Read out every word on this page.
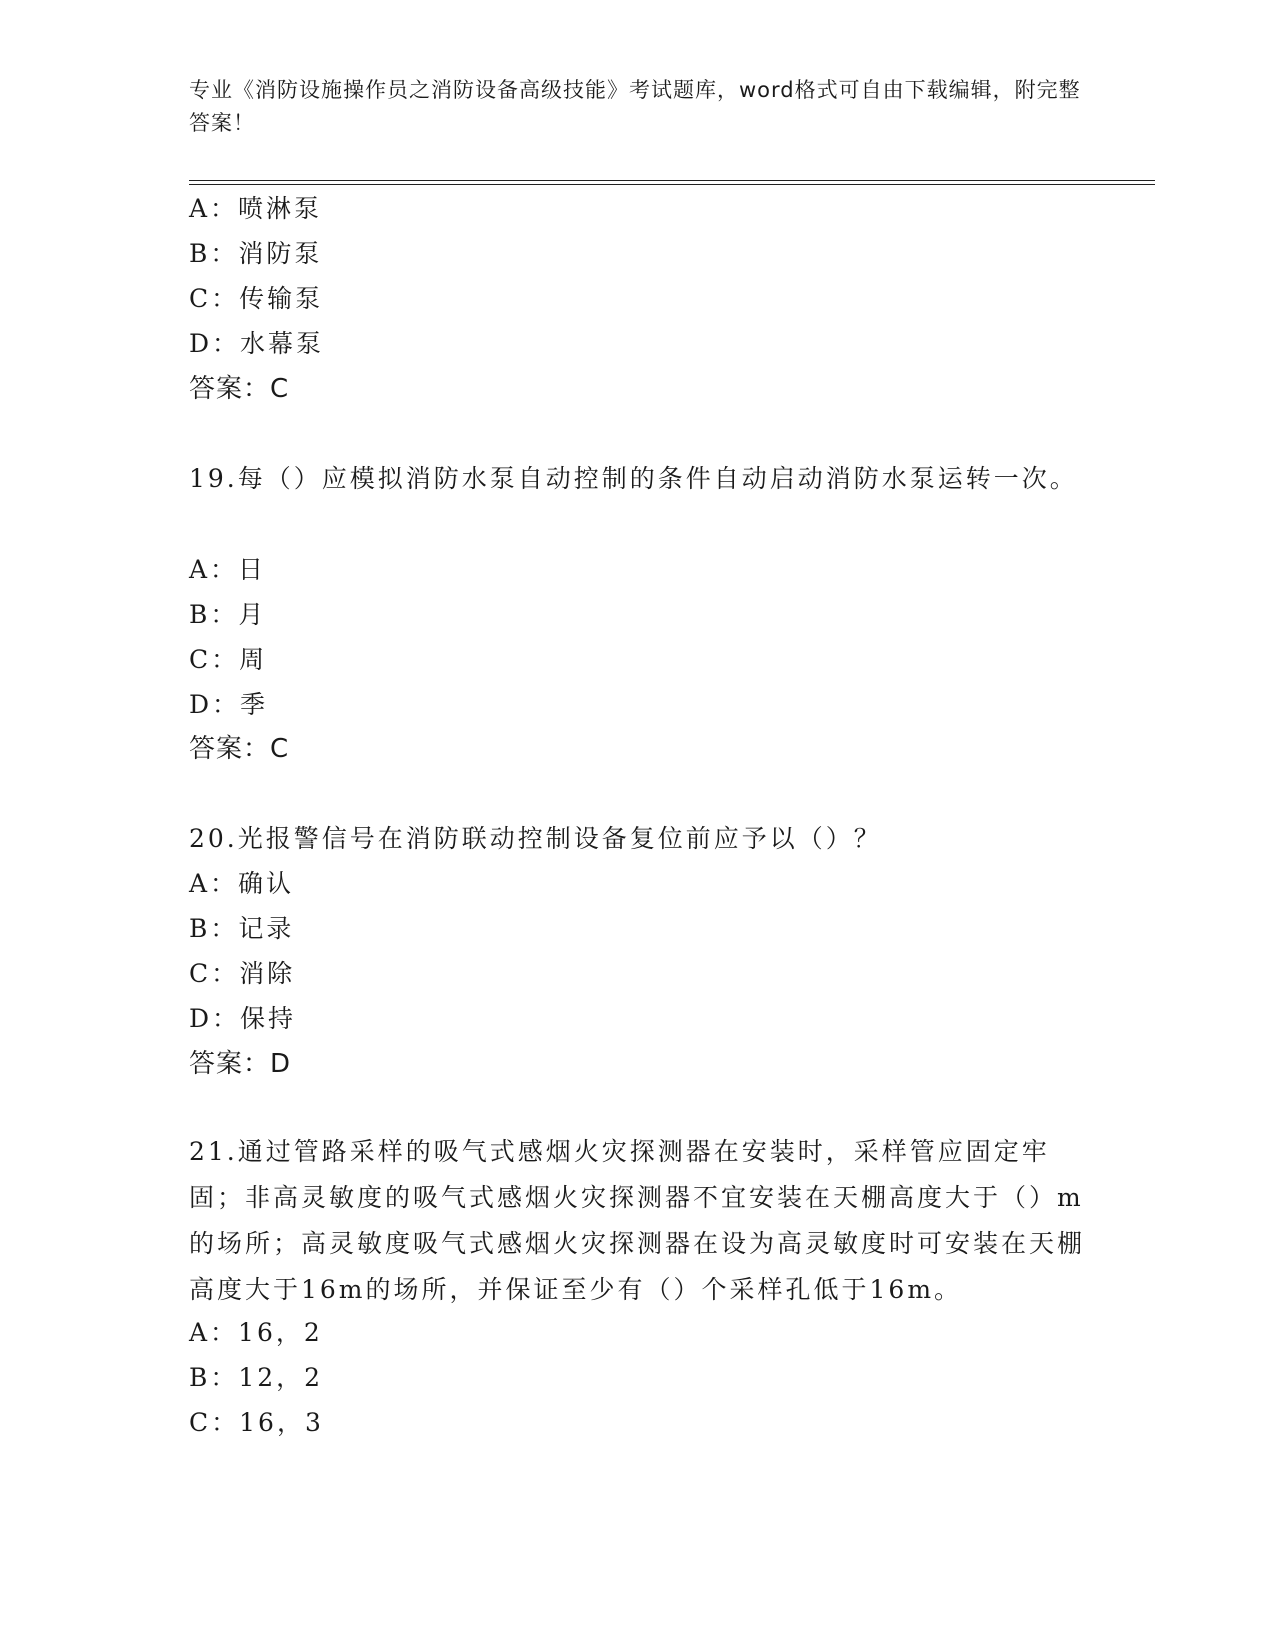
专业《消防设施操作员之消防设备高级技能》考试题库，word格式可自由下载编辑，附完整答案！
A：喷淋泵
B：消防泵
C：传输泵
D：水幕泵
答案：C
19.每（）应模拟消防水泵自动控制的条件自动启动消防水泵运转一次。
A：日
B：月
C：周
D：季
答案：C
20.光报警信号在消防联动控制设备复位前应予以（）？
A：确认
B：记录
C：消除
D：保持
答案：D
21.通过管路采样的吸气式感烟火灾探测器在安装时，采样管应固定牢固；非高灵敏度的吸气式感烟火灾探测器不宜安装在天棚高度大于（）m的场所；高灵敏度吸气式感烟火灾探测器在设为高灵敏度时可安装在天棚高度大于16m的场所，并保证至少有（）个采样孔低于16m。
A：16，2
B：12，2
C：16，3
